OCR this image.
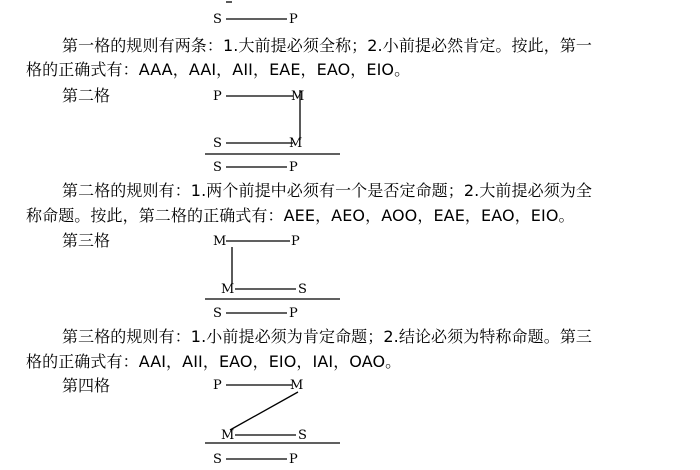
S	P
第一格的规则有两条：1.大前提必须全称；2.小前提必然肯定。按此，第一
格的正确式有：AAA，AAI，AII，EAE，EAO，EIO。
第二格	P	M
S	M
S	P
第二格的规则有：1.两个前提中必须有一个是否定命题；2.大前提必须为全
称命题。按此，第二格的正确式有：AEE，AEO，AOO，EAE，EAO，EIO。
第三格	M	P
M	S
S	P
第三格的规则有：1.小前提必须为肯定命题；2.结论必须为特称命题。第三
格的正确式有：AAI，AII，EAO，EIO，IAI，OAO。
第四格	P	M
M	S
S	P
